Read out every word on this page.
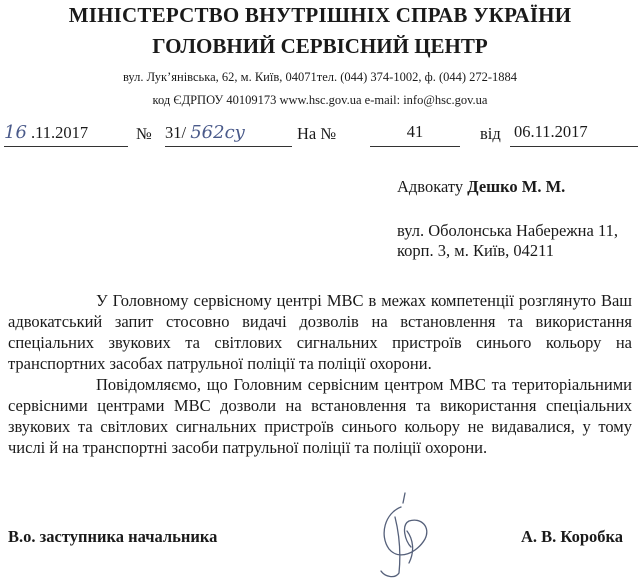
МІНІСТЕРСТВО ВНУТРІШНІХ СПРАВ УКРАЇНИ
ГОЛОВНИЙ СЕРВІСНИЙ ЦЕНТР
вул. Лук’янівська, 62, м. Київ, 04071тел. (044) 374-1002, ф. (044) 272-1884
код ЄДРПОУ 40109173 www.hsc.gov.ua e-mail: info@hsc.gov.ua
16 .11.2017	№ 31/ 562cy	На №	41	від 06.11.2017
Адвокату Дешко М. М.
вул. Оболонська Набережна 11,
корп. 3, м. Київ, 04211

У Головному сервісному центрі МВС в межах компетенції розглянуто Ваш адвокатський запит стосовно видачі дозволів на встановлення та використання спеціальних звукових та світлових сигнальних пристроїв синього кольору на транспортних засобах патрульної поліції та поліції охорони.

Повідомляємо, що Головним сервісним центром МВС та територіальними сервісними центрами МВС дозволи на встановлення та використання спеціальних звукових та світлових сигнальних пристроїв синього кольору не видавалися, у тому числі й на транспортні засоби патрульної поліції та поліції охорони.

В.о. заступника начальника	А. В. Коробка
